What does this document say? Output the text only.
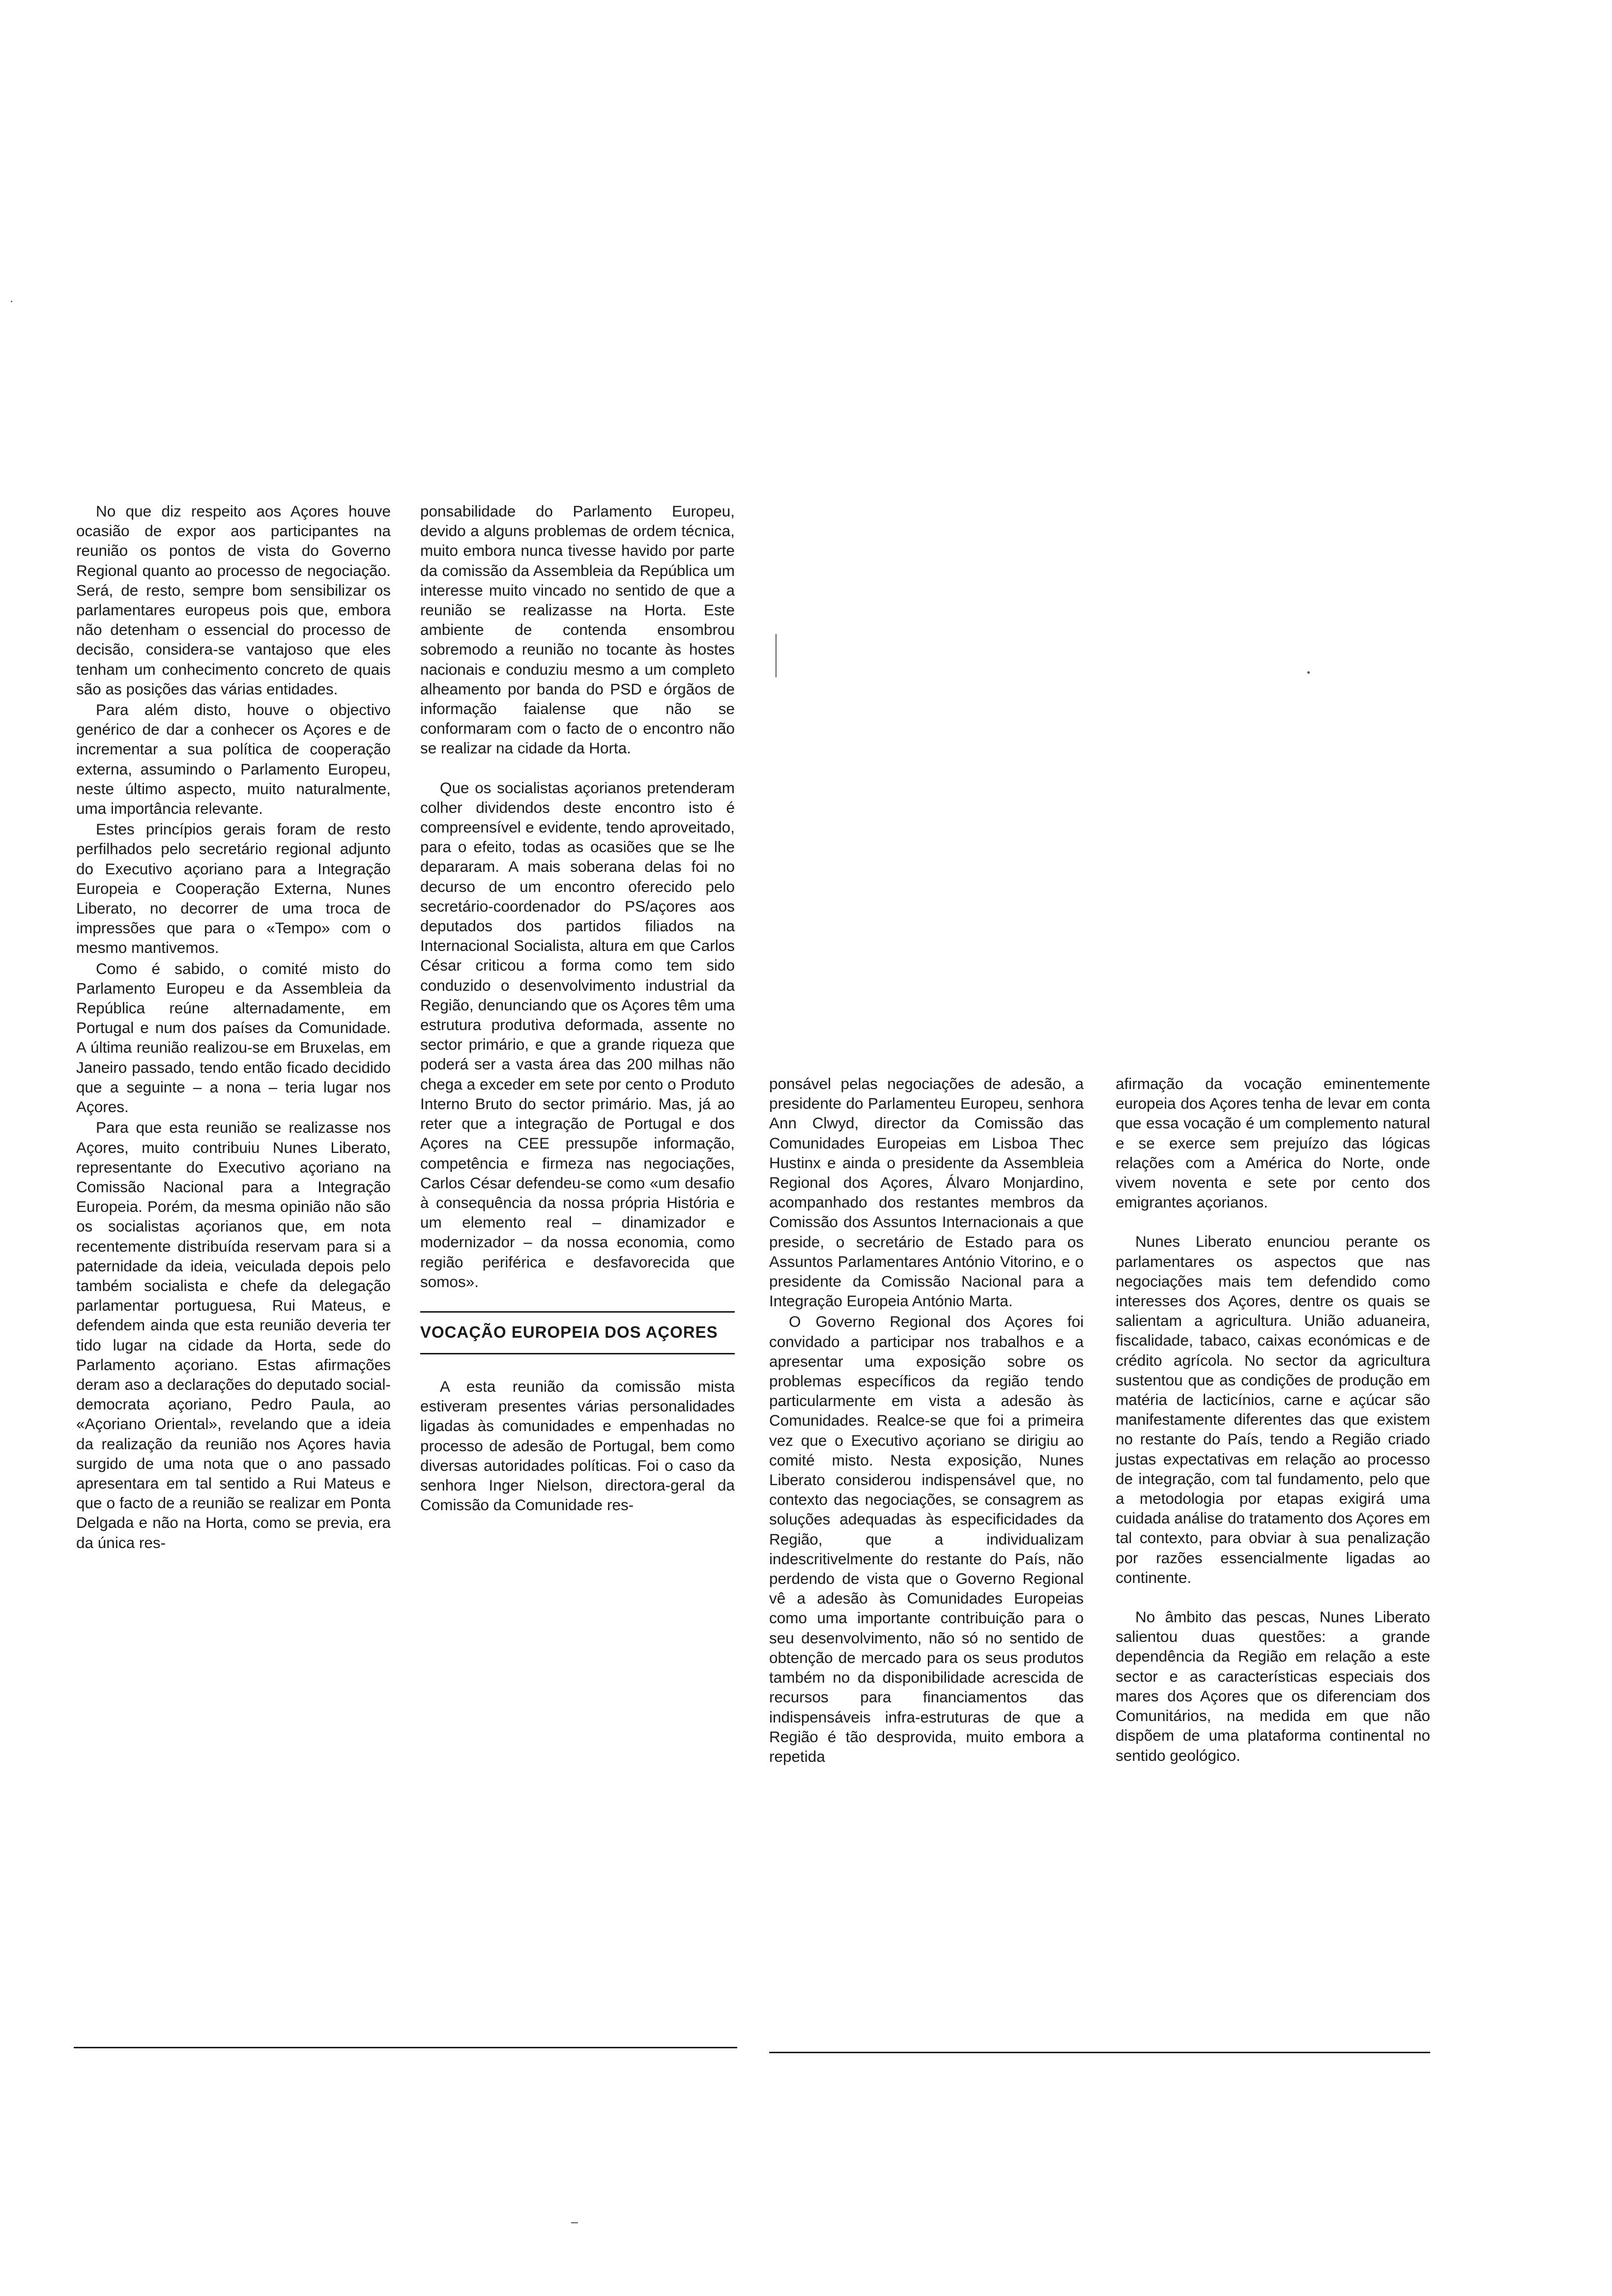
No que diz respeito aos Açores houve ocasião de expor aos participantes na reunião os pontos de vista do Governo Regional quanto ao processo de negociação. Será, de resto, sempre bom sensibilizar os parlamentares europeus pois que, embora não detenham o essencial do processo de decisão, considera-se vantajoso que eles tenham um conhecimento concreto de quais são as posições das várias entidades.

Para além disto, houve o objectivo genérico de dar a conhecer os Açores e de incrementar a sua política de cooperação externa, assumindo o Parlamento Europeu, neste último aspecto, muito naturalmente, uma importância relevante.

Estes princípios gerais foram de resto perfilhados pelo secretário regional adjunto do Executivo açoriano para a Integração Europeia e Cooperação Externa, Nunes Liberato, no decorrer de uma troca de impressões que para o «Tempo» com o mesmo mantivemos.

Como é sabido, o comité misto do Parlamento Europeu e da Assembleia da República reúne alternadamente, em Portugal e num dos países da Comunidade. A última reunião realizou-se em Bruxelas, em Janeiro passado, tendo então ficado decidido que a seguinte – a nona – teria lugar nos Açores.

Para que esta reunião se realizasse nos Açores, muito contribuiu Nunes Liberato, representante do Executivo açoriano na Comissão Nacional para a Integração Europeia. Porém, da mesma opinião não são os socialistas açorianos que, em nota recentemente distribuída reservam para si a paternidade da ideia, veiculada depois pelo também socialista e chefe da delegação parlamentar portuguesa, Rui Mateus, e defendem ainda que esta reunião deveria ter tido lugar na cidade da Horta, sede do Parlamento açoriano. Estas afirmações deram aso a declarações do deputado social-democrata açoriano, Pedro Paula, ao «Açoriano Oriental», revelando que a ideia da realização da reunião nos Açores havia surgido de uma nota que o ano passado apresentara em tal sentido a Rui Mateus e que o facto de a reunião se realizar em Ponta Delgada e não na Horta, como se previa, era da única res-

ponsabilidade do Parlamento Europeu, devido a alguns problemas de ordem técnica, muito embora nunca tivesse havido por parte da comissão da Assembleia da República um interesse muito vincado no sentido de que a reunião se realizasse na Horta. Este ambiente de contenda ensombrou sobremodo a reunião no tocante às hostes nacionais e conduziu mesmo a um completo alheamento por banda do PSD e órgãos de informação faialense que não se conformaram com o facto de o encontro não se realizar na cidade da Horta.

Que os socialistas açorianos pretenderam colher dividendos deste encontro isto é compreensível e evidente, tendo aproveitado, para o efeito, todas as ocasiões que se lhe depararam. A mais soberana delas foi no decurso de um encontro oferecido pelo secretário-coordenador do PS/açores aos deputados dos partidos filiados na Internacional Socialista, altura em que Carlos César criticou a forma como tem sido conduzido o desenvolvimento industrial da Região, denunciando que os Açores têm uma estrutura produtiva deformada, assente no sector primário, e que a grande riqueza que poderá ser a vasta área das 200 milhas não chega a exceder em sete por cento o Produto Interno Bruto do sector primário. Mas, já ao reter que a integração de Portugal e dos Açores na CEE pressupõe informação, competência e firmeza nas negociações, Carlos César defendeu-se como «um desafio à consequência da nossa própria História e um elemento real – dinamizador e modernizador – da nossa economia, como região periférica e desfavorecida que somos».

VOCAÇÃO EUROPEIA DOS AÇORES

A esta reunião da comissão mista estiveram presentes várias personalidades ligadas às comunidades e empenhadas no processo de adesão de Portugal, bem como diversas autoridades políticas. Foi o caso da senhora Inger Nielson, directora-geral da Comissão da Comunidade res-

ponsável pelas negociações de adesão, a presidente do Parlamenteu Europeu, senhora Ann Clwyd, director da Comissão das Comunidades Europeias em Lisboa Thec Hustinx e ainda o presidente da Assembleia Regional dos Açores, Álvaro Monjardino, acompanhado dos restantes membros da Comissão dos Assuntos Internacionais a que preside, o secretário de Estado para os Assuntos Parlamentares António Vitorino, e o presidente da Comissão Nacional para a Integração Europeia António Marta.

O Governo Regional dos Açores foi convidado a participar nos trabalhos e a apresentar uma exposição sobre os problemas específicos da região tendo particularmente em vista a adesão às Comunidades. Realce-se que foi a primeira vez que o Executivo açoriano se dirigiu ao comité misto. Nesta exposição, Nunes Liberato considerou indispensável que, no contexto das negociações, se consagrem as soluções adequadas às especificidades da Região, que a individualizam indescritivelmente do restante do País, não perdendo de vista que o Governo Regional vê a adesão às Comunidades Europeias como uma importante contribuição para o seu desenvolvimento, não só no sentido de obtenção de mercado para os seus produtos também no da disponibilidade acrescida de recursos para financiamentos das indispensáveis infra-estruturas de que a Região é tão desprovida, muito embora a repetida

afirmação da vocação eminentemente europeia dos Açores tenha de levar em conta que essa vocação é um complemento natural e se exerce sem prejuízo das lógicas relações com a América do Norte, onde vivem noventa e sete por cento dos emigrantes açorianos.

Nunes Liberato enunciou perante os parlamentares os aspectos que nas negociações mais tem defendido como interesses dos Açores, dentre os quais se salientam a agricultura. União aduaneira, fiscalidade, tabaco, caixas económicas e de crédito agrícola. No sector da agricultura sustentou que as condições de produção em matéria de lacticínios, carne e açúcar são manifestamente diferentes das que existem no restante do País, tendo a Região criado justas expectativas em relação ao processo de integração, com tal fundamento, pelo que a metodologia por etapas exigirá uma cuidada análise do tratamento dos Açores em tal contexto, para obviar à sua penalização por razões essencialmente ligadas ao continente.

No âmbito das pescas, Nunes Liberato salientou duas questões: a grande dependência da Região em relação a este sector e as características especiais dos mares dos Açores que os diferenciam dos Comunitários, na medida em que não dispõem de uma plataforma continental no sentido geológico.
